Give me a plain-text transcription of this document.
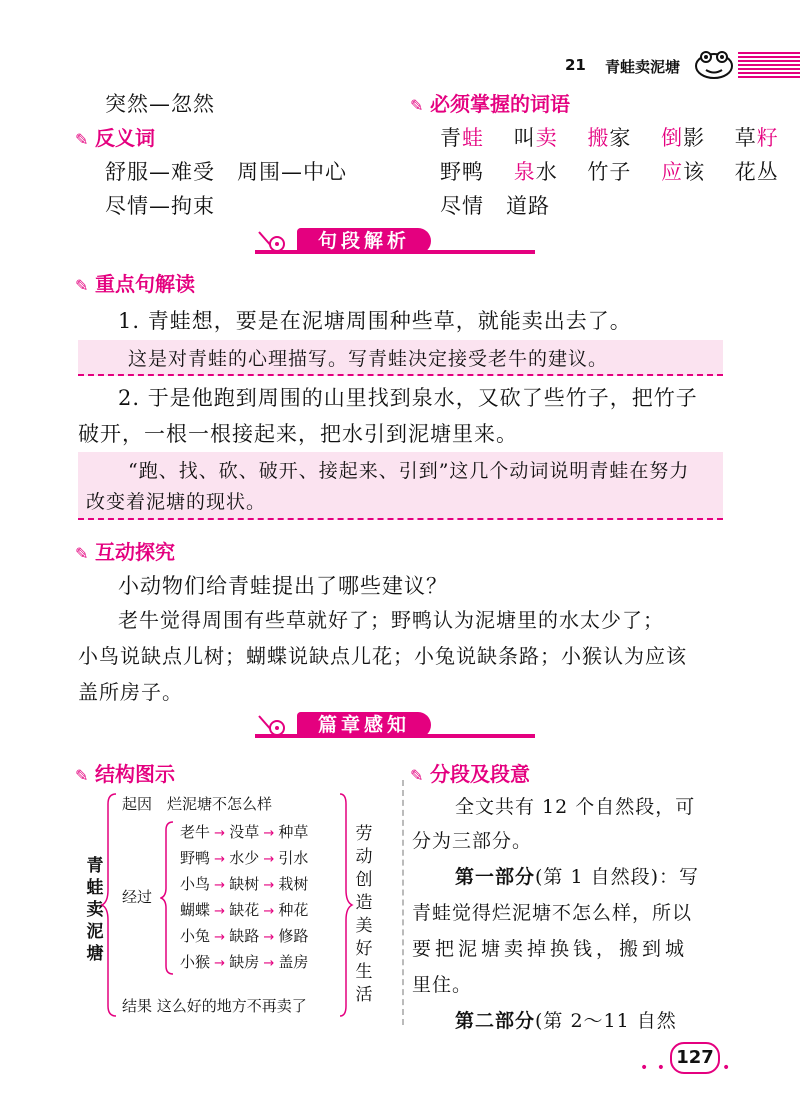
21 青蛙卖泥塘
突然—忽然
✎ 反义词
舒服—难受　周围—中心
尽情—拘束
✎ 必须掌握的词语
青蛙　 叫卖　 搬家　 倒影　 草籽
野鸭　 泉水　 竹子　 应该　 花丛
尽情　道路
句段解析
✎ 重点句解读
1. 青蛙想，要是在泥塘周围种些草，就能卖出去了。
这是对青蛙的心理描写。写青蛙决定接受老牛的建议。
2. 于是他跑到周围的山里找到泉水，又砍了些竹子，把竹子
破开，一根一根接起来，把水引到泥塘里来。
“跑、找、砍、破开、接起来、引到”这几个动词说明青蛙在努力
改变着泥塘的现状。
✎ 互动探究
小动物们给青蛙提出了哪些建议？
老牛觉得周围有些草就好了；野鸭认为泥塘里的水太少了；
小鸟说缺点儿树；蝴蝶说缺点儿花；小兔说缺条路；小猴认为应该
盖所房子。
篇章感知
✎ 结构图示
青
蛙
卖
泥
塘
起因　 烂泥塘不怎么样
经过
老牛 → 没草 → 种草
野鸭 → 水少 → 引水
小鸟 → 缺树 → 栽树
蝴蝶 → 缺花 → 种花
小兔 → 缺路 → 修路
小猴 → 缺房 → 盖房
劳
动
创
造
美
好
生
活
结果 这么好的地方不再卖了
✎ 分段及段意
全文共有 12 个自然段，可
分为三部分。
第一部分(第 1 自然段)：写
青蛙觉得烂泥塘不怎么样，所以
要把泥塘卖掉换钱，搬到城
里住。
第二部分(第 2～11 自然
• • 127 •
